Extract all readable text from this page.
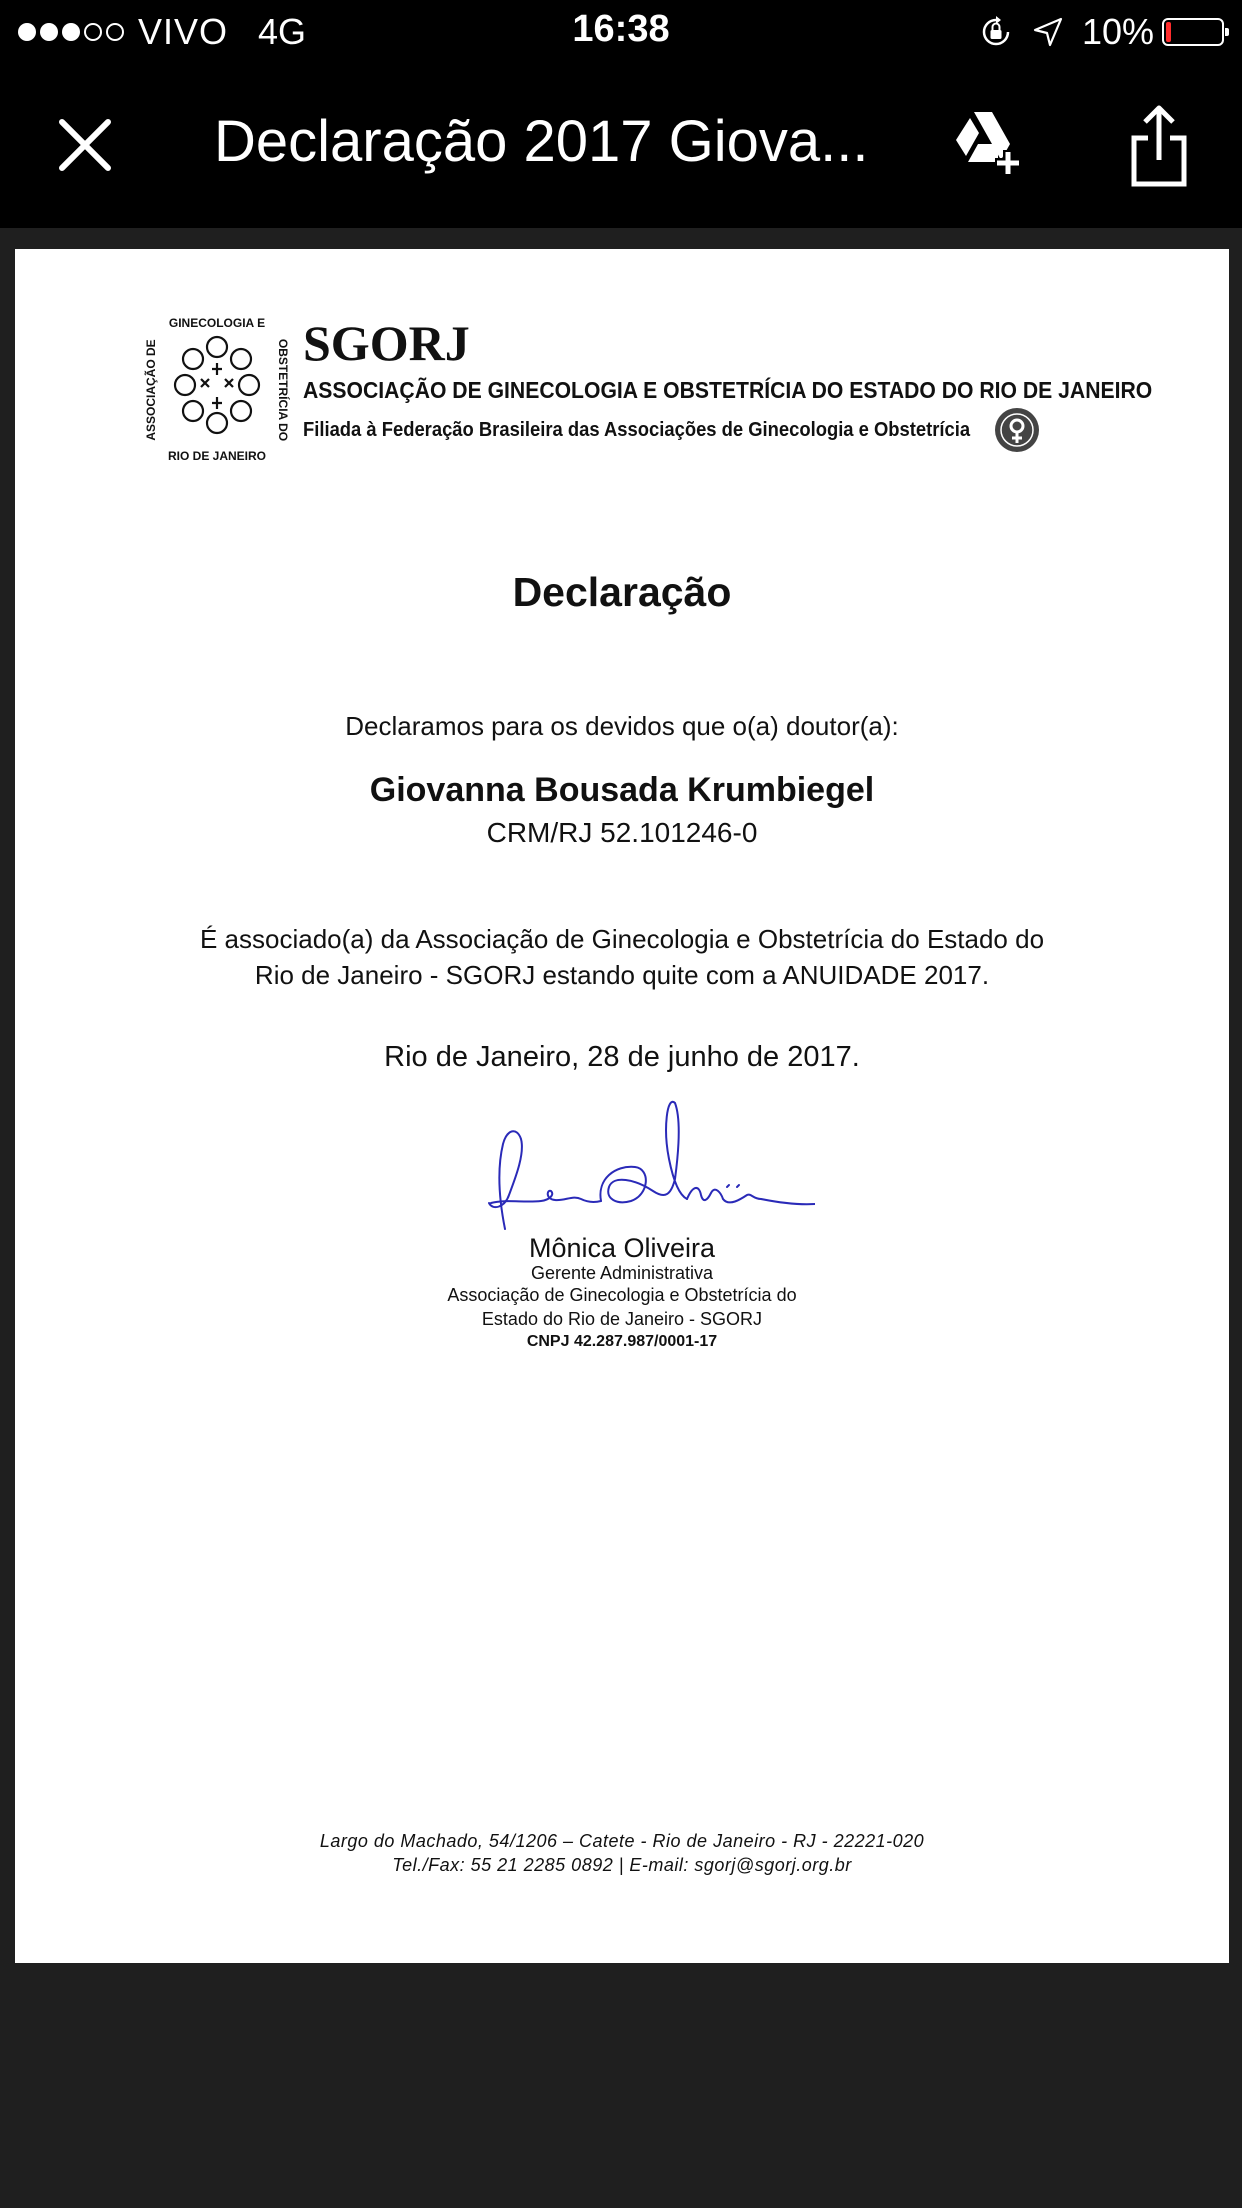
VIVO 4G	16:38	10%
Declaração 2017 Giova...
GINECOLOGIA E
RIO DE JANEIRO
ASSOCIAÇÃO DE	OBSTETRÍCIA DO SGORJ
ASSOCIAÇÃO DE GINECOLOGIA E OBSTETRÍCIA DO ESTADO DO RIO DE JANEIRO
Filiada à Federação Brasileira das Associações de Ginecologia e Obstetrícia
Declaração
Declaramos para os devidos que o(a) doutor(a):
Giovanna Bousada Krumbiegel
CRM/RJ 52.101246-0
É associado(a) da Associação de Ginecologia e Obstetrícia do Estado do
Rio de Janeiro - SGORJ estando quite com a ANUIDADE 2017.
Rio de Janeiro, 28 de junho de 2017.
Mônica Oliveira
Gerente Administrativa
Associação de Ginecologia e Obstetrícia do
Estado do Rio de Janeiro - SGORJ
CNPJ 42.287.987/0001-17
Largo do Machado, 54/1206 – Catete - Rio de Janeiro - RJ - 22221-020
Tel./Fax: 55 21 2285 0892 | E-mail: sgorj@sgorj.org.br
